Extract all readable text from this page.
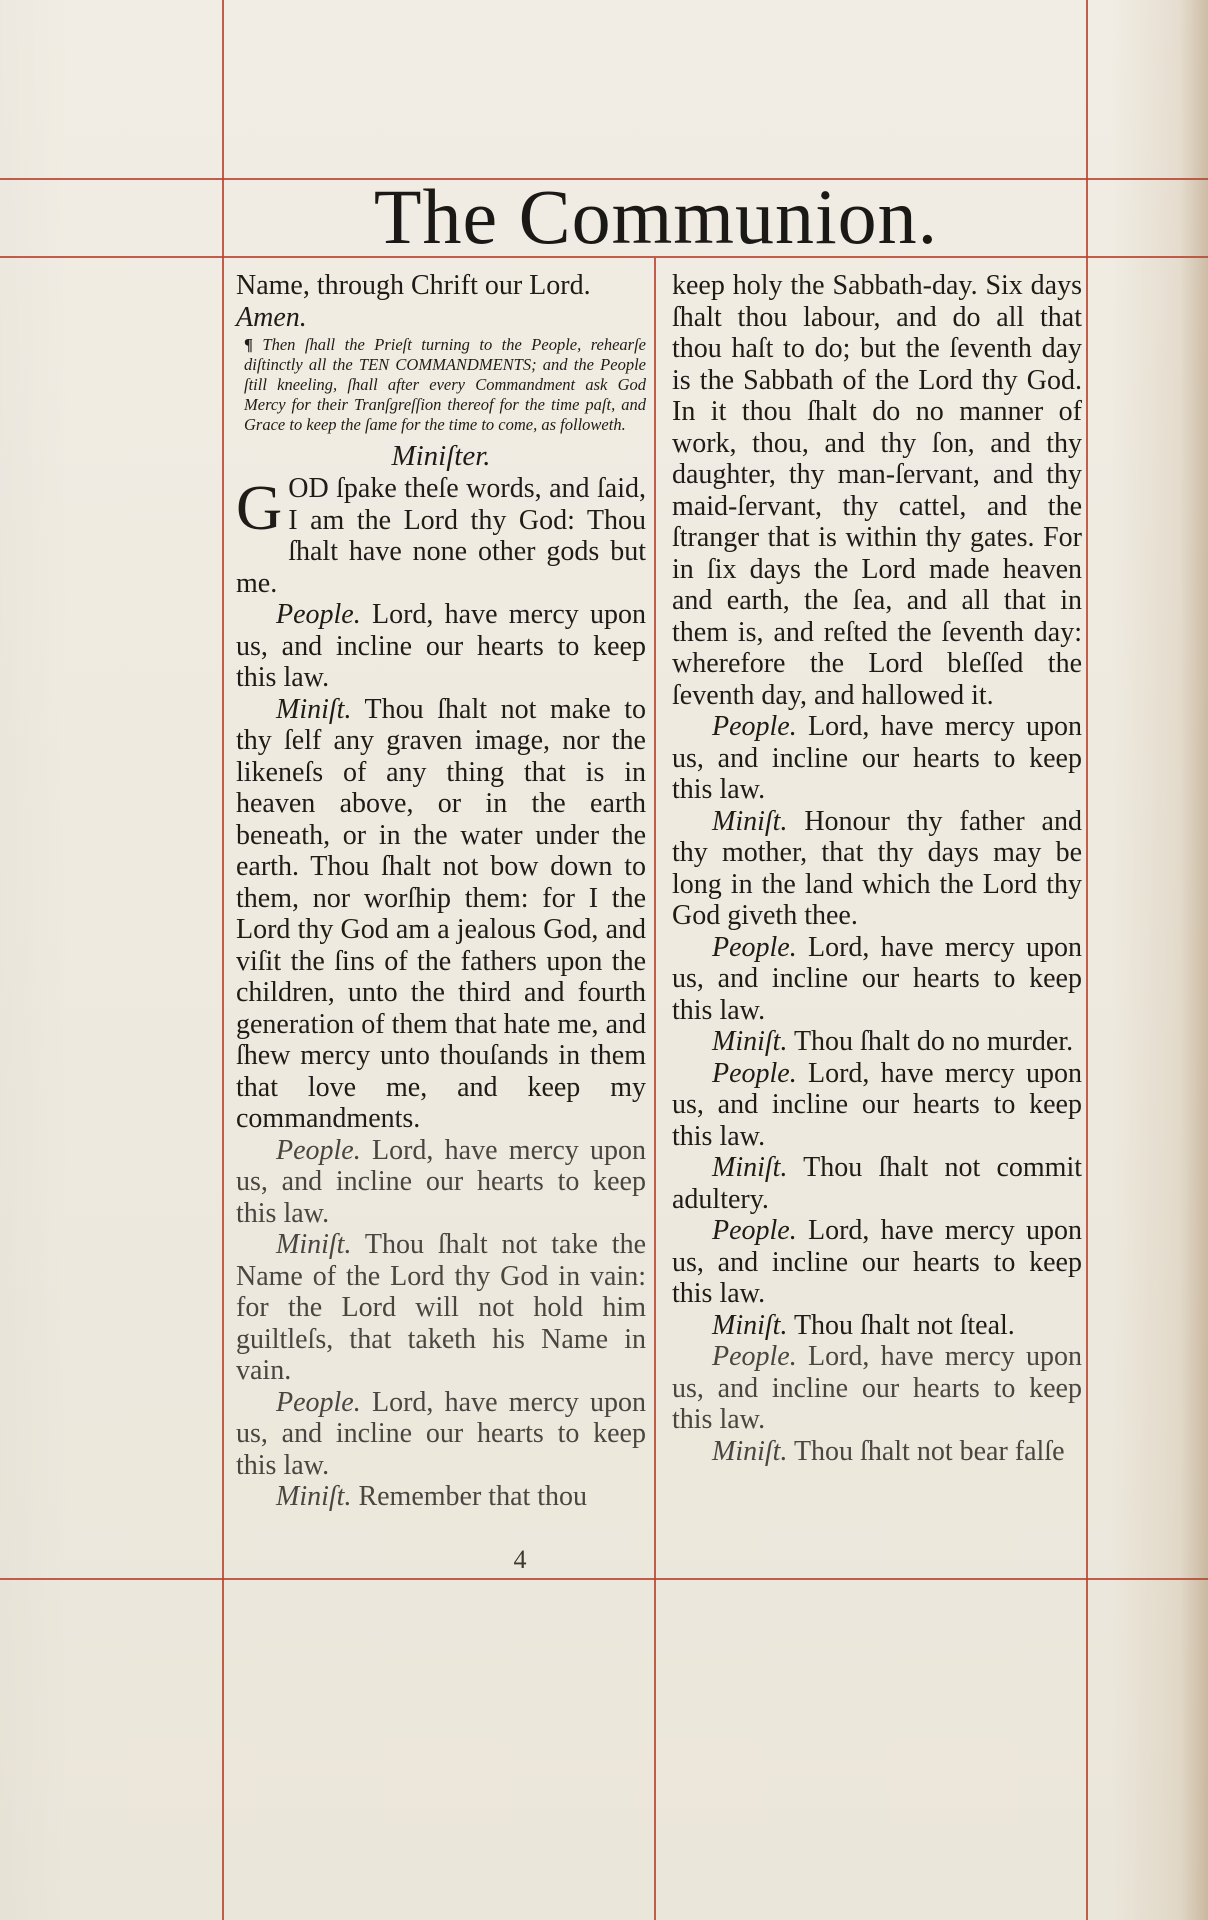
The Communion.

Name, through Chrift our Lord.

Amen.

¶ Then ſhall the Prieſt turning to the People, rehearſe diſtinctly all the TEN COMMANDMENTS; and the People ſtill kneeling, ſhall after every Commandment ask God Mercy for their Tranſgreſſion thereof for the time paſt, and Grace to keep the ſame for the time to come, as followeth.

Miniſter.

G OD ſpake theſe words, and ſaid, I am the Lord thy God: Thou ſhalt have none other gods but me.

People. Lord, have mercy upon us, and incline our hearts to keep this law.

Miniſt. Thou ſhalt not make to thy ſelf any graven image, nor the likeneſs of any thing that is in heaven above, or in the earth beneath, or in the water under the earth. Thou ſhalt not bow down to them, nor worſhip them: for I the Lord thy God am a jealous God, and viſit the ſins of the fathers upon the children, unto the third and fourth generation of them that hate me, and ſhew mercy unto thouſands in them that love me, and keep my commandments.

People. Lord, have mercy upon us, and incline our hearts to keep this law.

Miniſt. Thou ſhalt not take the Name of the Lord thy God in vain: for the Lord will not hold him guiltleſs, that taketh his Name in vain.

People. Lord, have mercy upon us, and incline our hearts to keep this law.

Miniſt. Remember that thou

keep holy the Sabbath-day. Six days ſhalt thou labour, and do all that thou haſt to do; but the ſeventh day is the Sabbath of the Lord thy God. In it thou ſhalt do no manner of work, thou, and thy ſon, and thy daughter, thy man-ſervant, and thy maid-ſervant, thy cattel, and the ſtranger that is within thy gates. For in ſix days the Lord made heaven and earth, the ſea, and all that in them is, and reſted the ſeventh day: wherefore the Lord bleſſed the ſeventh day, and hallowed it.

People. Lord, have mercy upon us, and incline our hearts to keep this law.

Miniſt. Honour thy father and thy mother, that thy days may be long in the land which the Lord thy God giveth thee.

People. Lord, have mercy upon us, and incline our hearts to keep this law.

Miniſt. Thou ſhalt do no murder.

People. Lord, have mercy upon us, and incline our hearts to keep this law.

Miniſt. Thou ſhalt not commit adultery.

People. Lord, have mercy upon us, and incline our hearts to keep this law.

Miniſt. Thou ſhalt not ſteal.

People. Lord, have mercy upon us, and incline our hearts to keep this law.

Miniſt. Thou ſhalt not bear falſe

4
